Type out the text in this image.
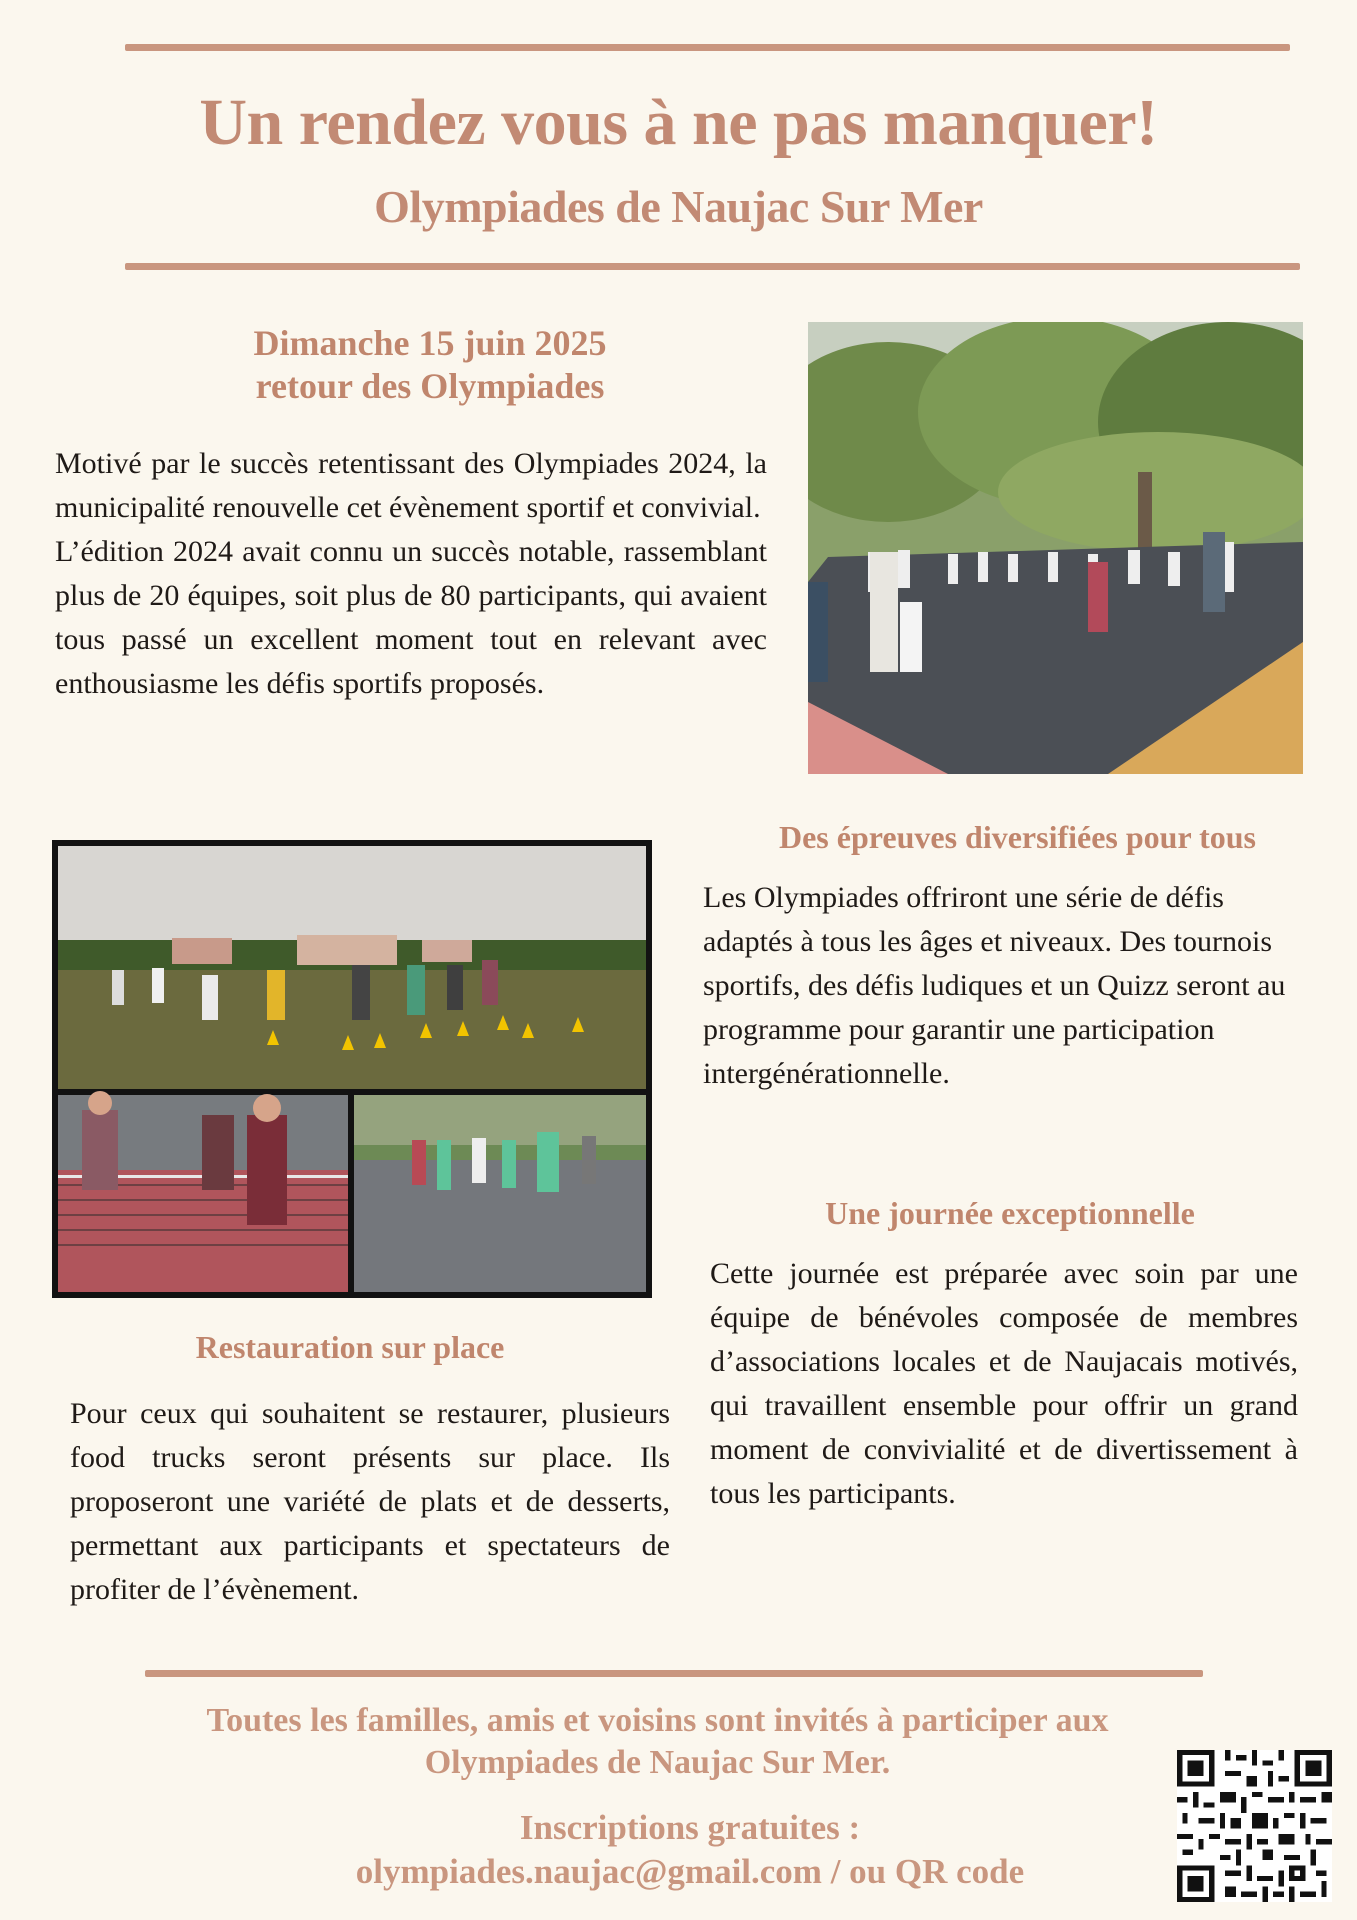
Un rendez vous à ne pas manquer!
Olympiades de Naujac Sur Mer
Dimanche 15 juin 2025
retour des Olympiades
Motivé par le succès retentissant des Olympiades 2024, la municipalité renouvelle cet évènement sportif et convivial.
L’édition 2024 avait connu un succès notable, rassemblant plus de 20 équipes, soit plus de 80 participants, qui avaient tous passé un excellent moment tout en relevant avec enthousiasme les défis sportifs proposés.
Des épreuves diversifiées pour tous
Les Olympiades offriront une série de défis adaptés à tous les âges et niveaux. Des tournois sportifs, des défis ludiques et un Quizz seront au programme pour garantir une participation intergénérationnelle.
Une journée exceptionnelle
Cette journée est préparée avec soin par une équipe de bénévoles composée de membres d’associations locales et de Naujacais motivés, qui travaillent ensemble pour offrir un grand moment de convivialité et de divertissement à tous les participants.
Restauration sur place
Pour ceux qui souhaitent se restaurer, plusieurs food trucks seront présents sur place. Ils proposeront une variété de plats et de desserts, permettant aux participants et spectateurs de profiter de l’évènement.
Toutes les familles, amis et voisins sont invités à participer aux
Olympiades de Naujac Sur Mer.
Inscriptions gratuites :
olympiades.naujac@gmail.com / ou QR code
